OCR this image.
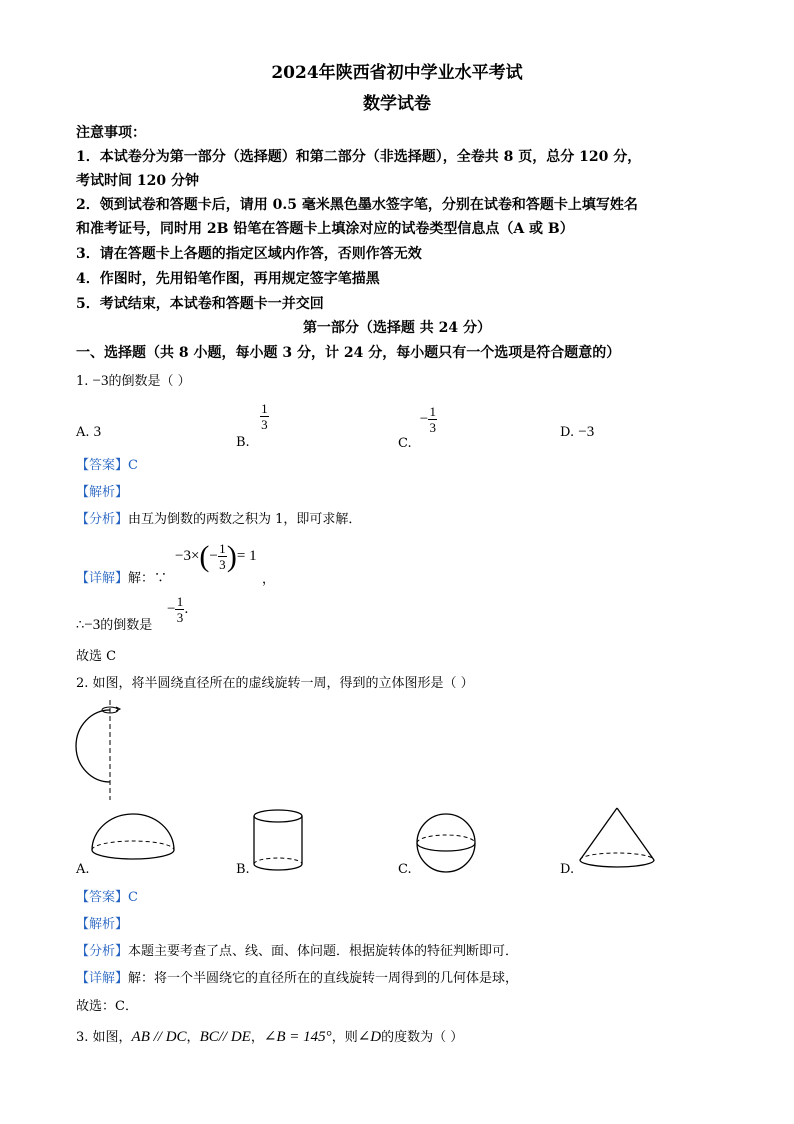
2024年陕西省初中学业水平考试
数学试卷
注意事项：
1．本试卷分为第一部分（选择题）和第二部分（非选择题），全卷共 8 页，总分 120 分，
考试时间 120 分钟
2．领到试卷和答题卡后，请用 0.5 毫米黑色墨水签字笔，分别在试卷和答题卡上填写姓名
和准考证号，同时用 2B 铅笔在答题卡上填涂对应的试卷类型信息点（A 或 B）
3．请在答题卡上各题的指定区域内作答，否则作答无效
4．作图时，先用铅笔作图，再用规定签字笔描黑
5．考试结束，本试卷和答题卡一并交回
第一部分（选择题 共 24 分）
一、选择题（共 8 小题，每小题 3 分，计 24 分，每小题只有一个选项是符合题意的）
1. −3的倒数是（ ）
A. 3
B.
$\frac{1}{3}$
C. − $\frac{1}{3}$	D. −3
【答案】C
【解析】
【分析】由互为倒数的两数之积为 1，即可求解．
【详解】解：∵
$-3\times(- \frac{1}{3}$ )= 1
，
∴−3的倒数是
− $\frac{1}{3}$ .
故选 C
2. 如图，将半圆绕直径所在的虚线旋转一周，得到的立体图形是（ ）
A.	B.	C.	D.
【答案】C
【解析】
【分析】本题主要考查了点、线、面、体问题．根据旋转体的特征判断即可．
【详解】解：将一个半圆绕它的直径所在的直线旋转一周得到的几何体是球，
故选：C．
3. 如图，AB // DC，BC// DE，∠B = 145°，则∠D的度数为（ ）
